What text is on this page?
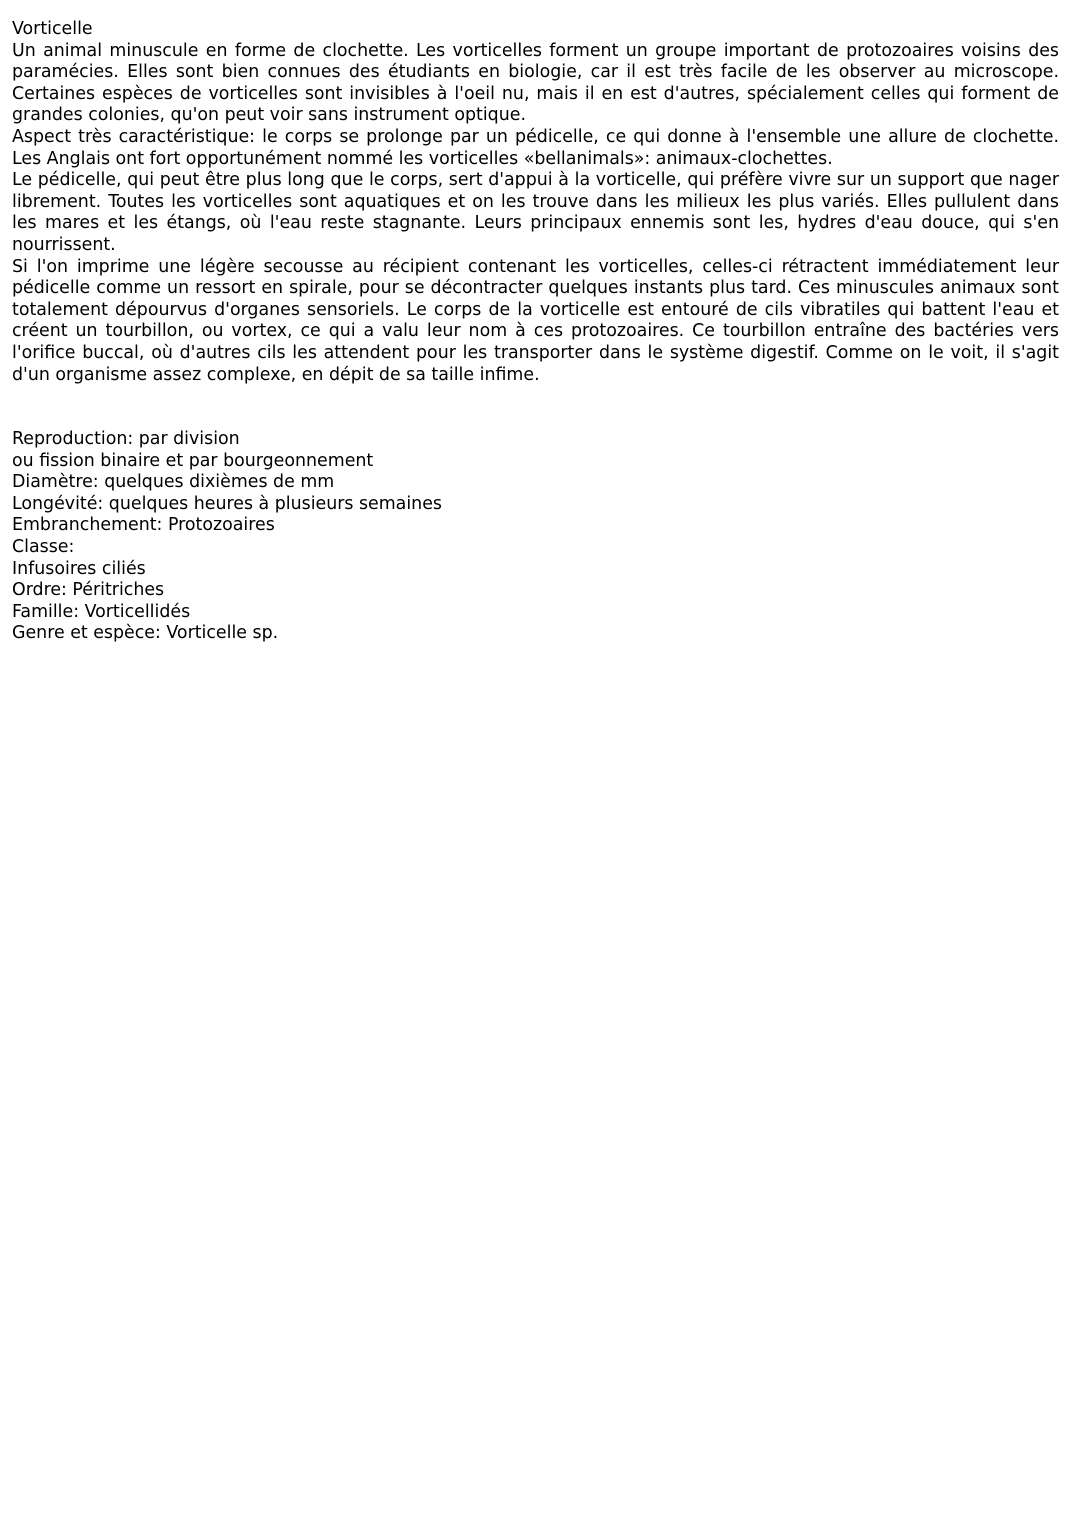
Vorticelle

Un animal minuscule en forme de clochette. Les vorticelles forment un groupe important de protozoaires voisins des paramécies. Elles sont bien connues des étudiants en biologie, car il est très facile de les observer au microscope. Certaines espèces de vorticelles sont invisibles à l'oeil nu, mais il en est d'autres, spécialement celles qui forment de grandes colonies, qu'on peut voir sans instrument optique.

Aspect très caractéristique: le corps se prolonge par un pédicelle, ce qui donne à l'ensemble une allure de clochette. Les Anglais ont fort opportunément nommé les vorticelles «bellanimals»: animaux-clochettes.

Le pédicelle, qui peut être plus long que le corps, sert d'appui à la vorticelle, qui préfère vivre sur un support que nager librement. Toutes les vorticelles sont aquatiques et on les trouve dans les milieux les plus variés. Elles pullulent dans les mares et les étangs, où l'eau reste stagnante. Leurs principaux ennemis sont les, hydres d'eau douce, qui s'en nourrissent.

Si l'on imprime une légère secousse au récipient contenant les vorticelles, celles-ci rétractent immédiatement leur pédicelle comme un ressort en spirale, pour se décontracter quelques instants plus tard. Ces minuscules animaux sont totalement dépourvus d'organes sensoriels. Le corps de la vorticelle est entouré de cils vibratiles qui battent l'eau et créent un tourbillon, ou vortex, ce qui a valu leur nom à ces protozoaires. Ce tourbillon entraîne des bactéries vers l'orifice buccal, où d'autres cils les attendent pour les transporter dans le système digestif. Comme on le voit, il s'agit d'un organisme assez complexe, en dépit de sa taille infime.

Reproduction: par division
ou fission binaire et par bourgeonnement
Diamètre: quelques dixièmes de mm
Longévité: quelques heures à plusieurs semaines
Embranchement: Protozoaires
Classe:
Infusoires ciliés
Ordre: Péritriches
Famille: Vorticellidés
Genre et espèce: Vorticelle sp.
